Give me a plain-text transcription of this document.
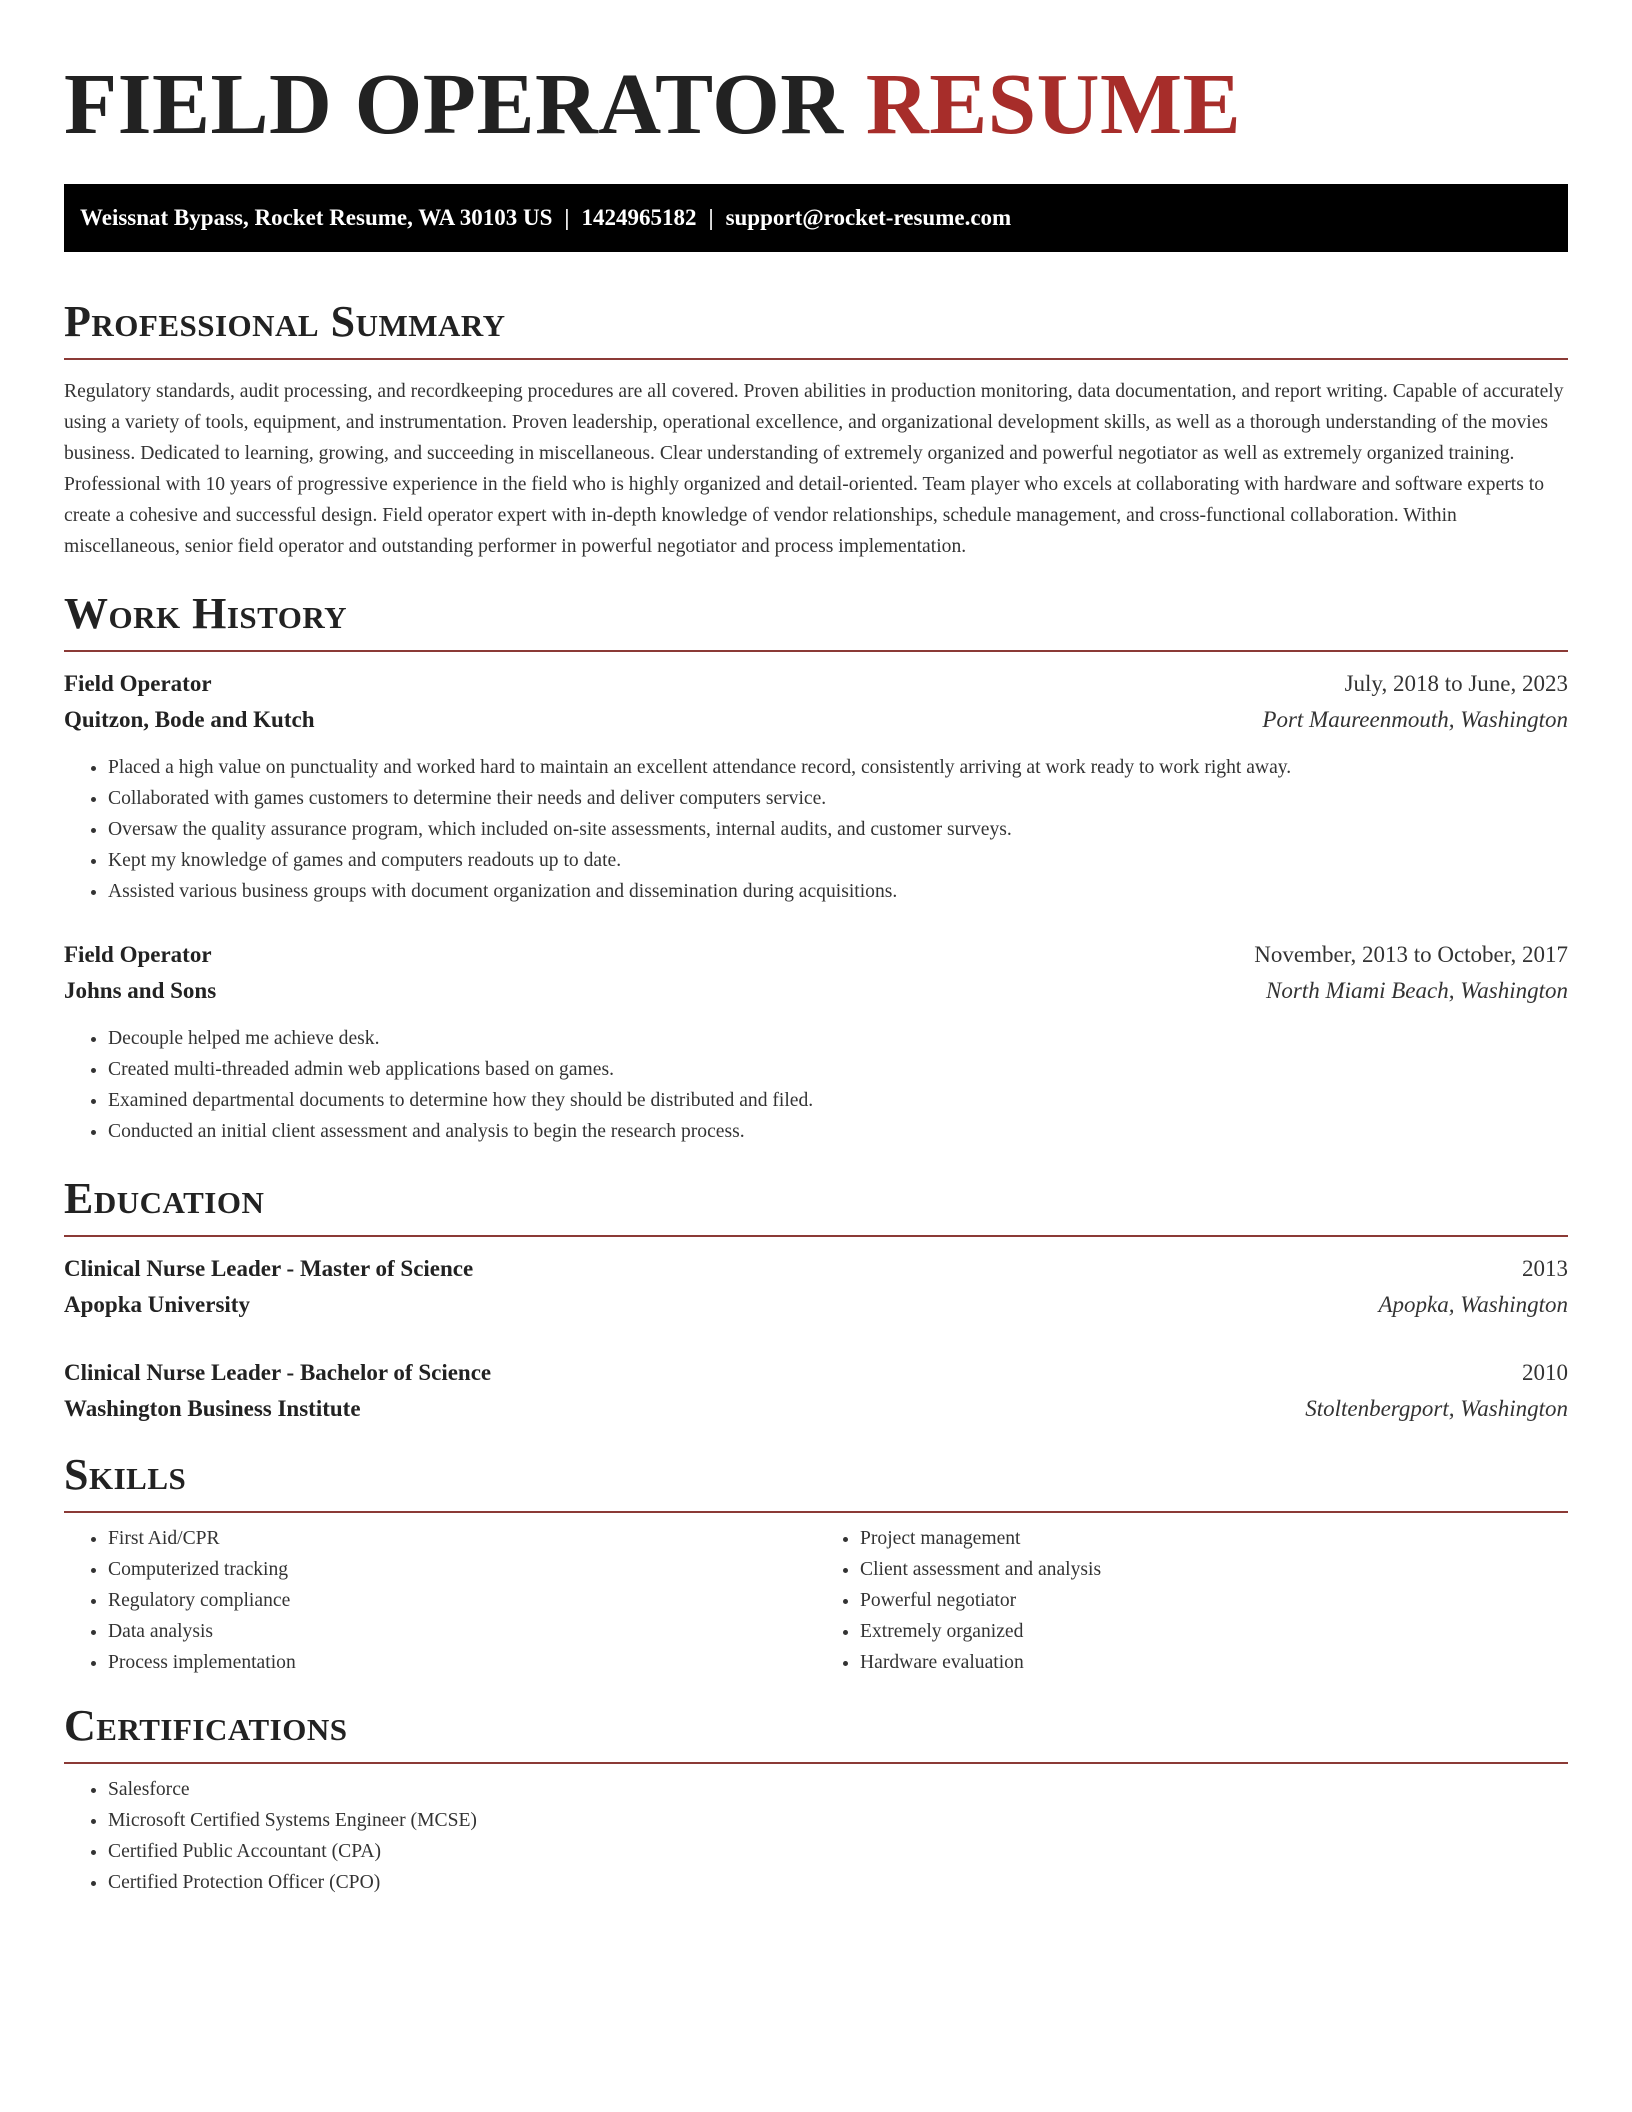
FIELD OPERATOR RESUME
Weissnat Bypass, Rocket Resume, WA 30103 US | 1424965182 | support@rocket-resume.com
Professional Summary

Regulatory standards, audit processing, and recordkeeping procedures are all covered. Proven abilities in production monitoring, data documentation, and report writing. Capable of accurately using a variety of tools, equipment, and instrumentation. Proven leadership, operational excellence, and organizational development skills, as well as a thorough understanding of the movies business. Dedicated to learning, growing, and succeeding in miscellaneous. Clear understanding of extremely organized and powerful negotiator as well as extremely organized training. Professional with 10 years of progressive experience in the field who is highly organized and detail-oriented. Team player who excels at collaborating with hardware and software experts to create a cohesive and successful design. Field operator expert with in-depth knowledge of vendor relationships, schedule management, and cross-functional collaboration. Within miscellaneous, senior field operator and outstanding performer in powerful negotiator and process implementation.

Work History
Field Operator	July, 2018 to June, 2023
Quitzon, Bode and Kutch	Port Maureenmouth, Washington
• Placed a high value on punctuality and worked hard to maintain an excellent attendance record, consistently arriving at work ready to work right away.
• Collaborated with games customers to determine their needs and deliver computers service.
• Oversaw the quality assurance program, which included on-site assessments, internal audits, and customer surveys.
• Kept my knowledge of games and computers readouts up to date.
• Assisted various business groups with document organization and dissemination during acquisitions.
Field Operator	November, 2013 to October, 2017
Johns and Sons	North Miami Beach, Washington
• Decouple helped me achieve desk.
• Created multi-threaded admin web applications based on games.
• Examined departmental documents to determine how they should be distributed and filed.
• Conducted an initial client assessment and analysis to begin the research process.
Education
Clinical Nurse Leader - Master of Science	2013
Apopka University	Apopka, Washington
Clinical Nurse Leader - Bachelor of Science	2010
Washington Business Institute	Stoltenbergport, Washington
Skills
• First Aid/CPR
• Computerized tracking
• Regulatory compliance
• Data analysis
• Process implementation
• Project management
• Client assessment and analysis
• Powerful negotiator
• Extremely organized
• Hardware evaluation
Certifications
• Salesforce
• Microsoft Certified Systems Engineer (MCSE)
• Certified Public Accountant (CPA)
• Certified Protection Officer (CPO)
